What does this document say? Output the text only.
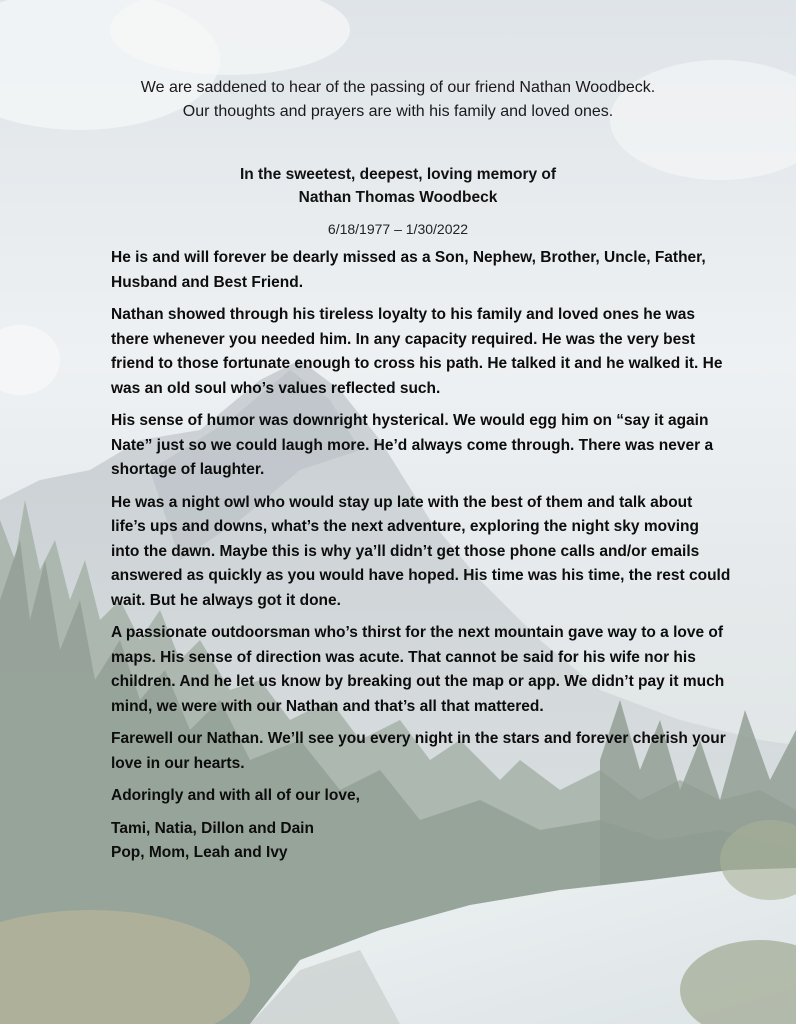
We are saddened to hear of the passing of our friend Nathan Woodbeck.
Our thoughts and prayers are with his family and loved ones.
In the sweetest, deepest, loving memory of
Nathan Thomas Woodbeck
6/18/1977 – 1/30/2022

He is and will forever be dearly missed as a Son, Nephew, Brother, Uncle, Father, Husband and Best Friend.

Nathan showed through his tireless loyalty to his family and loved ones he was there whenever you needed him. In any capacity required. He was the very best friend to those fortunate enough to cross his path. He talked it and he walked it. He was an old soul who’s values reflected such.

His sense of humor was downright hysterical. We would egg him on “say it again Nate” just so we could laugh more. He’d always come through. There was never a shortage of laughter.

He was a night owl who would stay up late with the best of them and talk about life’s ups and downs, what’s the next adventure, exploring the night sky moving into the dawn. Maybe this is why ya’ll didn’t get those phone calls and/or emails answered as quickly as you would have hoped. His time was his time, the rest could wait. But he always got it done.

A passionate outdoorsman who’s thirst for the next mountain gave way to a love of maps. His sense of direction was acute. That cannot be said for his wife nor his children. And he let us know by breaking out the map or app. We didn’t pay it much mind, we were with our Nathan and that’s all that mattered.

Farewell our Nathan. We’ll see you every night in the stars and forever cherish your love in our hearts.

Adoringly and with all of our love,

Tami, Natia, Dillon and Dain
Pop, Mom, Leah and Ivy
